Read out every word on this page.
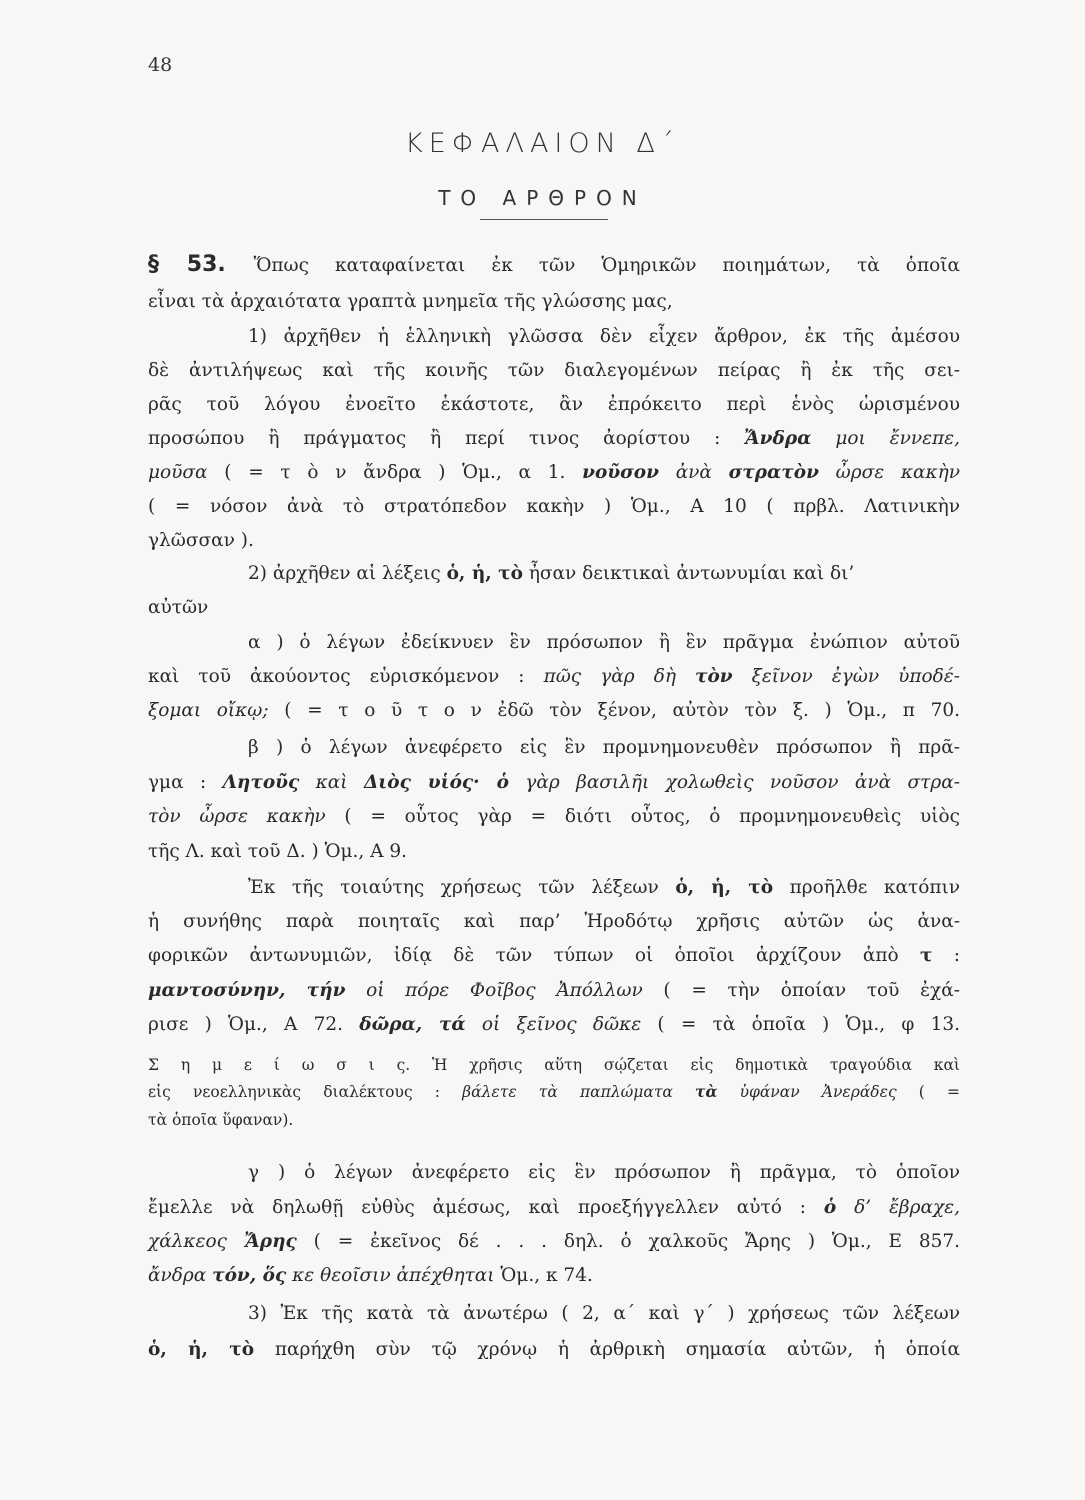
48
ΚΕΦΑΛΑΙΟΝ Δ΄
ΤΟ ΑΡΘΡΟΝ
§ 53. Ὅπως καταφαίνεται ἐκ τῶν Ὁμηρικῶν ποιημάτων, τὰ ὁποῖα
εἶναι τὰ ἀρχαιότατα γραπτὰ μνημεῖα τῆς γλώσσης μας,
1) ἀρχῆθεν ἡ ἑλληνικὴ γλῶσσα δὲν εἶχεν ἄρθρον, ἐκ τῆς ἀμέσου
δὲ ἀντιλήψεως καὶ τῆς κοινῆς τῶν διαλεγομένων πείρας ἢ ἐκ τῆς σει-
ρᾶς τοῦ λόγου ἐνοεῖτο ἑκάστοτε, ἂν ἐπρόκειτο περὶ ἑνὸς ὡρισμένου
προσώπου ἢ πράγματος ἢ περί τινος ἀορίστου : Ἄνδρα μοι ἔννεπε,
μοῦσα ( = τ ὸ ν ἄνδρα ) Ὁμ., α 1. νοῦσον ἀνὰ στρατὸν ὦρσε κακὴν
( = νόσον ἀνὰ τὸ στρατόπεδον κακὴν ) Ὁμ., Α 10 ( πρβλ. Λατινικὴν
γλῶσσαν ).
2) ἀρχῆθεν αἱ λέξεις ὁ, ἡ, τὸ ἦσαν δεικτικαὶ ἀντωνυμίαι καὶ δι’
αὐτῶν
α ) ὁ λέγων ἐδείκνυεν ἓν πρόσωπον ἢ ἓν πρᾶγμα ἐνώπιον αὐτοῦ
καὶ τοῦ ἀκούοντος εὑρισκόμενον : πῶς γὰρ δὴ τὸν ξεῖνον ἐγὼν ὑποδέ-
ξομαι οἴκῳ; ( = τ ο ῦ τ ο ν ἐδῶ τὸν ξένον, αὐτὸν τὸν ξ. ) Ὁμ., π 70.
β ) ὁ λέγων ἀνεφέρετο εἰς ἓν προμνημονευθὲν πρόσωπον ἢ πρᾶ-
γμα : Λητοῦς καὶ Διὸς υἱός· ὁ γὰρ βασιλῆι χολωθεὶς νοῦσον ἀνὰ στρα-
τὸν ὦρσε κακὴν ( = οὗτος γὰρ = διότι οὗτος, ὁ προμνημονευθεὶς υἱὸς
τῆς Λ. καὶ τοῦ Δ. ) Ὁμ., Α 9.
Ἐκ τῆς τοιαύτης χρήσεως τῶν λέξεων ὁ, ἡ, τὸ προῆλθε κατόπιν
ἡ συνήθης παρὰ ποιηταῖς καὶ παρ’ Ἡροδότῳ χρῆσις αὐτῶν ὡς ἀνα-
φορικῶν ἀντωνυμιῶν, ἰδίᾳ δὲ τῶν τύπων οἱ ὁποῖοι ἀρχίζουν ἀπὸ τ :
μαντοσύνην, τήν οἱ πόρε Φοῖβος Ἀπόλλων ( = τὴν ὁποίαν τοῦ ἐχά-
ρισε ) Ὁμ., Α 72. δῶρα, τά οἱ ξεῖνος δῶκε ( = τὰ ὁποῖα ) Ὁμ., φ 13.
Σ η μ ε ί ω σ ι ς. Ἡ χρῆσις αὕτη σῴζεται εἰς δημοτικὰ τραγούδια καὶ
εἰς νεοελληνικὰς διαλέκτους : βάλετε τὰ παπλώματα τὰ ὑφάναν Ἀνεράδες ( =
τὰ ὁποῖα ὕφαναν).
γ ) ὁ λέγων ἀνεφέρετο εἰς ἓν πρόσωπον ἢ πρᾶγμα, τὸ ὁποῖον
ἔμελλε νὰ δηλωθῇ εὐθὺς ἀμέσως, καὶ προεξήγγελλεν αὐτό : ὁ δ’ ἔβραχε,
χάλκεος Ἄρης ( = ἐκεῖνος δέ . . . δηλ. ὁ χαλκοῦς Ἄρης ) Ὁμ., Ε 857.
ἄνδρα τόν, ὅς κε θεοῖσιν ἀπέχθηται Ὁμ., κ 74.
3) Ἐκ τῆς κατὰ τὰ ἀνωτέρω ( 2, α΄ καὶ γ΄ ) χρήσεως τῶν λέξεων
ὁ, ἡ, τὸ παρήχθη σὺν τῷ χρόνῳ ἡ ἀρθρικὴ σημασία αὐτῶν, ἡ ὁποία
